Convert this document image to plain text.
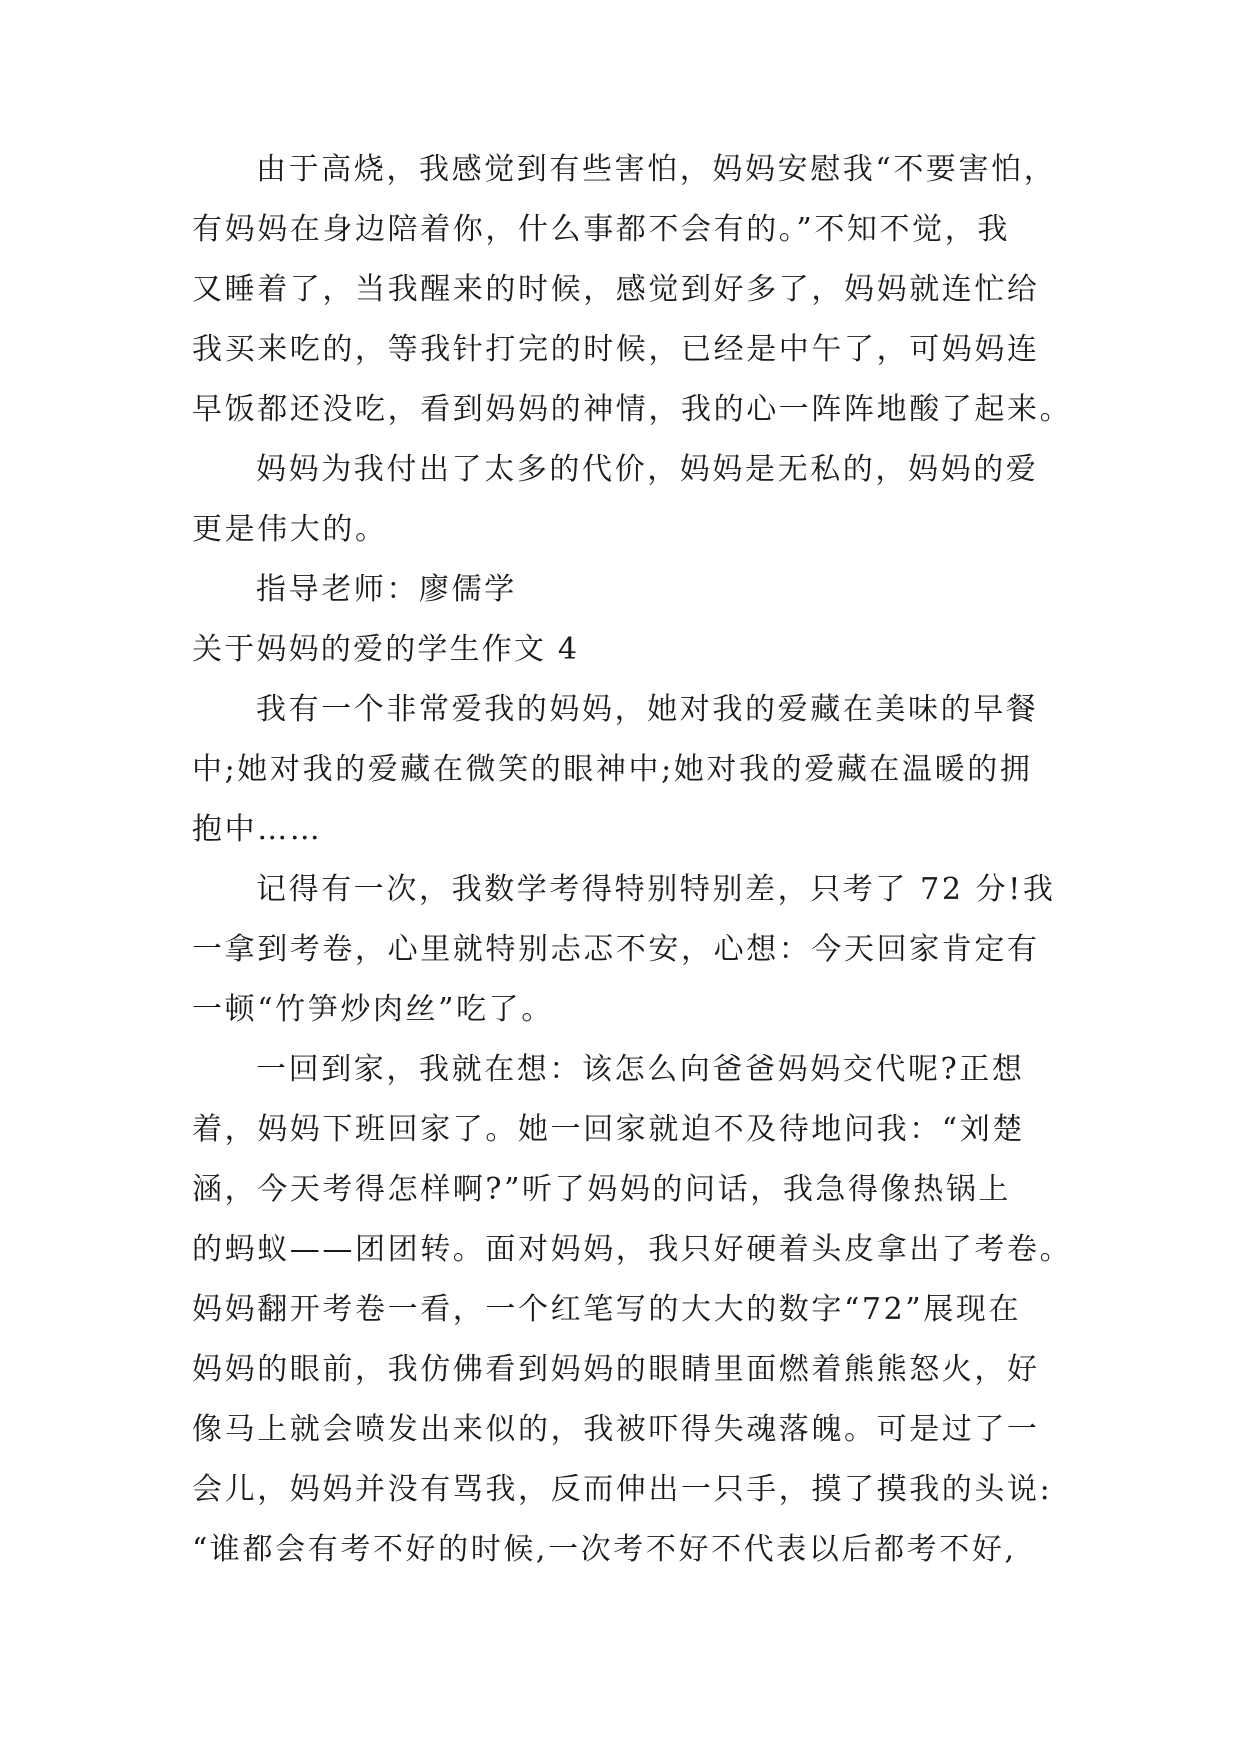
由于高烧，我感觉到有些害怕，妈妈安慰我“不要害怕，
有妈妈在身边陪着你，什么事都不会有的。”不知不觉，我
又睡着了，当我醒来的时候，感觉到好多了，妈妈就连忙给
我买来吃的，等我针打完的时候，已经是中午了，可妈妈连
早饭都还没吃，看到妈妈的神情，我的心一阵阵地酸了起来。
妈妈为我付出了太多的代价，妈妈是无私的，妈妈的爱
更是伟大的。
指导老师：廖儒学
关于妈妈的爱的学生作文 4
我有一个非常爱我的妈妈，她对我的爱藏在美味的早餐
中;她对我的爱藏在微笑的眼神中;她对我的爱藏在温暖的拥
抱中……
记得有一次，我数学考得特别特别差，只考了 72 分!我
一拿到考卷，心里就特别忐忑不安，心想：今天回家肯定有
一顿“竹笋炒肉丝”吃了。
一回到家，我就在想：该怎么向爸爸妈妈交代呢?正想
着，妈妈下班回家了。她一回家就迫不及待地问我：“刘楚
涵，今天考得怎样啊?”听了妈妈的问话，我急得像热锅上
的蚂蚁——团团转。面对妈妈，我只好硬着头皮拿出了考卷。
妈妈翻开考卷一看，一个红笔写的大大的数字“72”展现在
妈妈的眼前，我仿佛看到妈妈的眼睛里面燃着熊熊怒火，好
像马上就会喷发出来似的，我被吓得失魂落魄。可是过了一
会儿，妈妈并没有骂我，反而伸出一只手，摸了摸我的头说:
“谁都会有考不好的时候,一次考不好不代表以后都考不好,
